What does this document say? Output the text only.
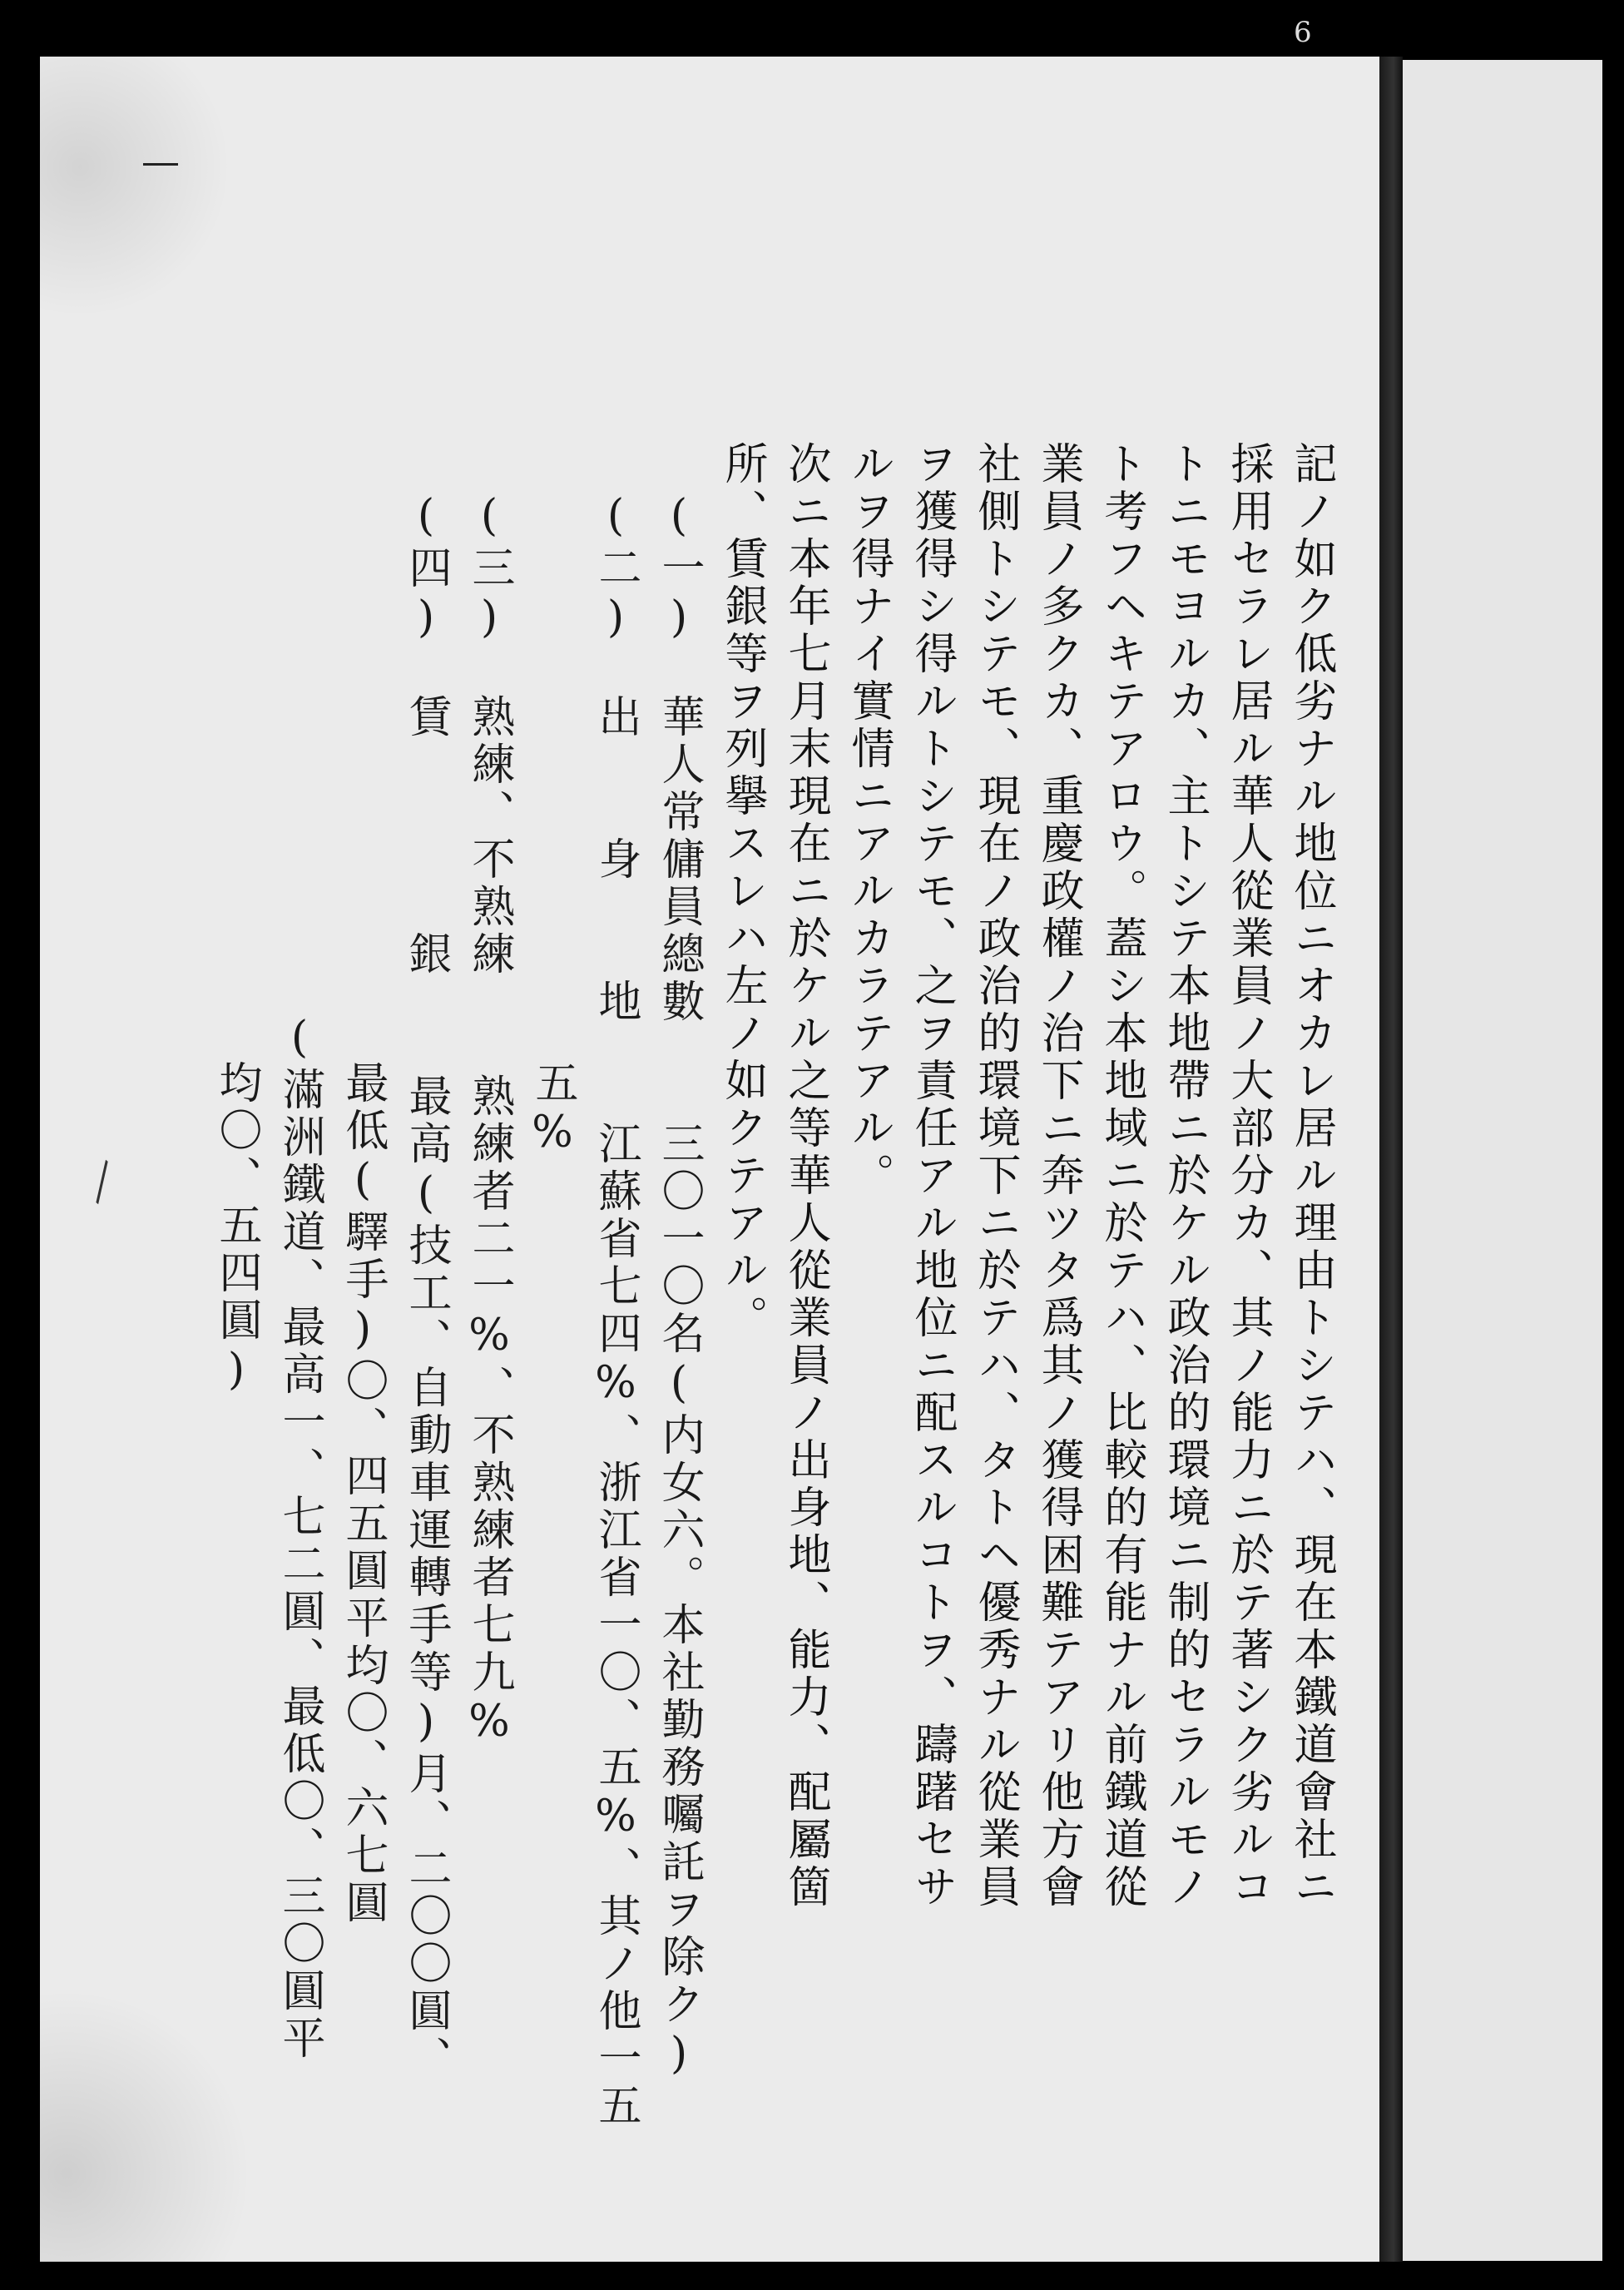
記ノ如ク低劣ナル地位ニオカレ居ル理由トシテハ、現在本鐵道會社ニ
採用セラレ居ル華人從業員ノ大部分カ、其ノ能力ニ於テ著シク劣ルコ
トニモヨルカ、主トシテ本地帶ニ於ケル政治的環境ニ制的セラルモノ
ト考フヘキテアロウ。蓋シ本地域ニ於テハ、比較的有能ナル前鐵道從
業員ノ多クカ、重慶政權ノ治下ニ奔ツタ爲其ノ獲得困難テアリ他方會
社側トシテモ、現在ノ政治的環境下ニ於テハ、タトヘ優秀ナル從業員
ヲ獲得シ得ルトシテモ、之ヲ責任アル地位ニ配スルコトヲ、躊躇セサ
ルヲ得ナイ實情ニアルカラテアル。
次ニ本年七月末現在ニ於ケル之等華人從業員ノ出身地、能力、配屬箇
所、賃銀等ヲ列擧スレハ左ノ如クテアル。
(一)　華人常傭員總數　　三〇一〇名(内女六。本社勤務囑託ヲ除ク)
(二)　出　　身　　地　　江蘇省七四%、浙江省一〇、五%、其ノ他一五
　　　　　　　　　　　　五%
(三)　熟練、不熟練　　熟練者二一%、不熟練者七九%
(四)　賃　　　　銀　　最高(技工、自動車運轉手等)月、二〇〇圓、
　　　　　　　　　　　　最低(驛手)〇、四五圓平均〇、六七圓
　　　　　　　　　　　(滿洲鐵道、最高一、七二圓、最低〇、三〇圓平
　　　　　　　　　　　　均〇、五四圓)
╲
6
